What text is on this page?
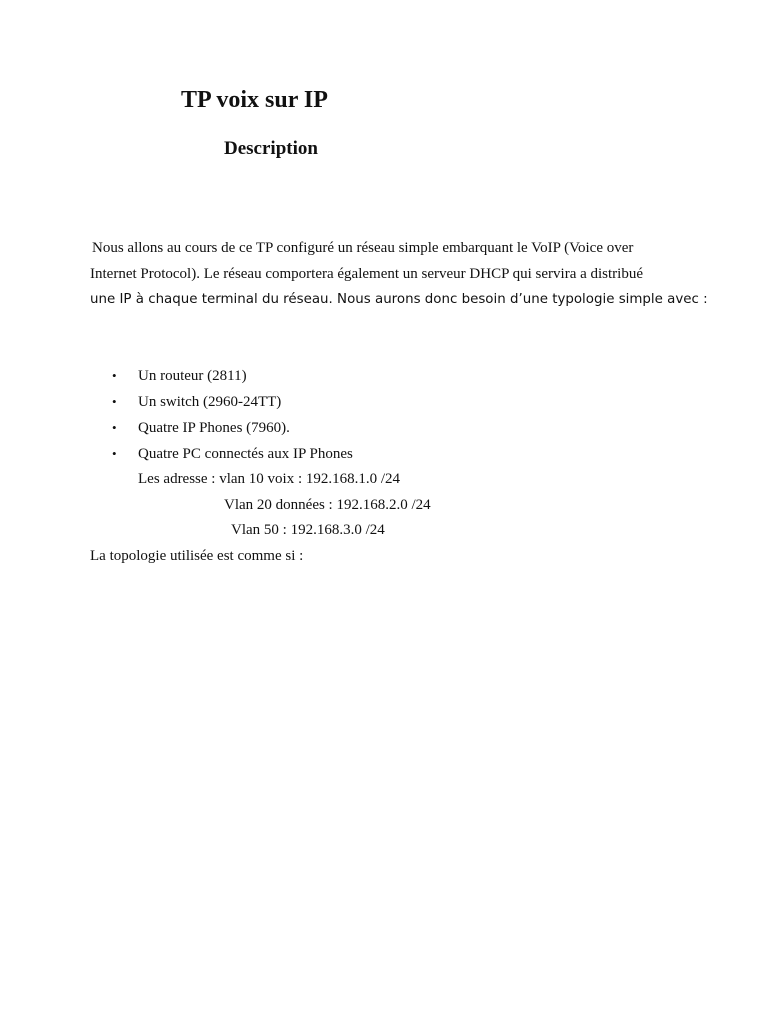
TP voix sur IP
Description
Nous allons au cours de ce TP configuré un réseau simple embarquant le VoIP (Voice over
Internet Protocol). Le réseau comportera également un serveur DHCP qui servira a distribué
une IP à chaque terminal du réseau. Nous aurons donc besoin d’une typologie simple avec :
• Un routeur (2811)
• Un switch (2960-24TT)
• Quatre IP Phones (7960).
• Quatre PC connectés aux IP Phones
Les adresse : vlan 10 voix : 192.168.1.0 /24
Vlan 20 données : 192.168.2.0 /24
Vlan 50 : 192.168.3.0 /24
La topologie utilisée est comme si :
